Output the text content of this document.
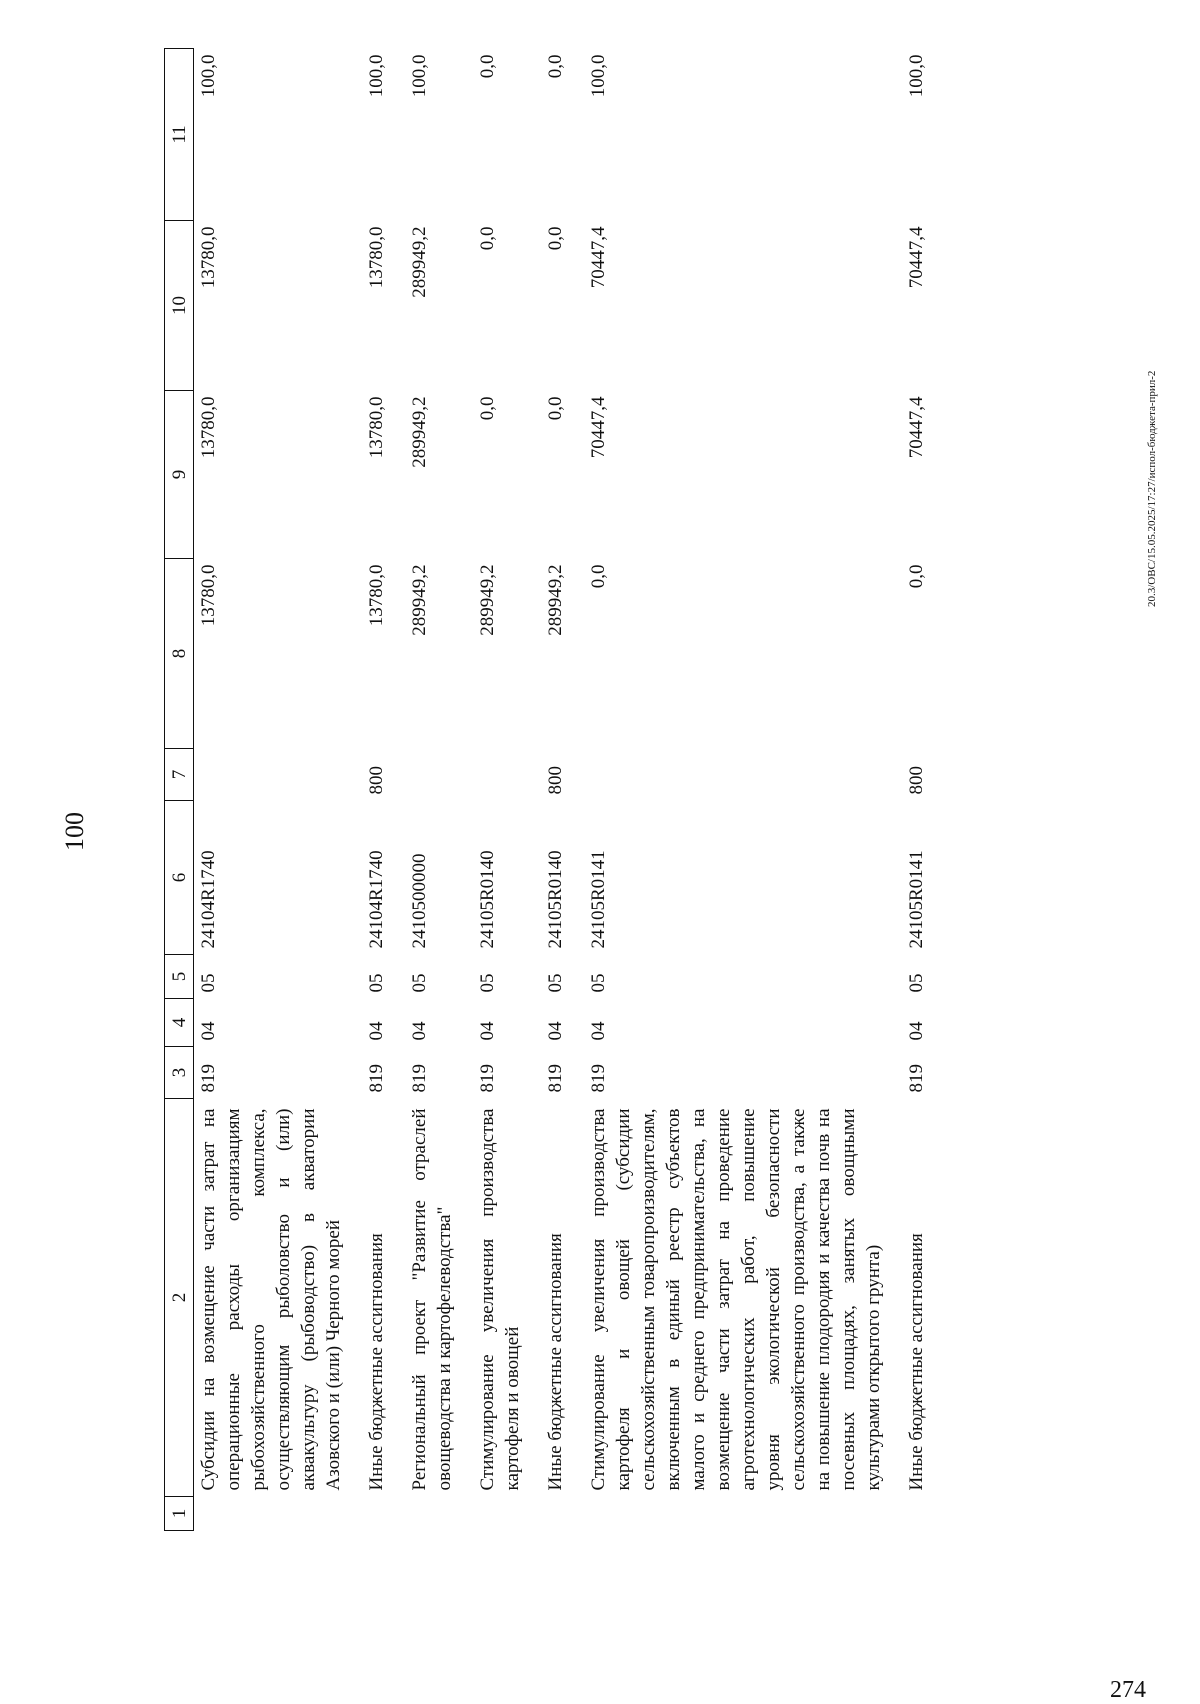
100
1	2	3	4	5	6	7	8	9	10	11
	Субсидии на возмещение части затрат на операционные расходы организациям рыбохозяйственного комплекса, осуществляющим рыболовство и (или) аквакультуру (рыбоводство) в акватории Азовского и (или) Черного морей	819	04	05	24104R1740		13780,0	13780,0	13780,0	100,0
	Иные бюджетные ассигнования	819	04	05	24104R1740	800	13780,0	13780,0	13780,0	100,0
	Региональный проект "Развитие отраслей овощеводства и картофелеводства"	819	04	05	2410500000		289949,2	289949,2	289949,2	100,0
	Стимулирование увеличения производства картофеля и овощей	819	04	05	24105R0140		289949,2	0,0	0,0	0,0
	Иные бюджетные ассигнования	819	04	05	24105R0140	800	289949,2	0,0	0,0	0,0
	Стимулирование увеличения производства картофеля и овощей (субсидии сельскохозяйственным товаропроизводителям, включенным в единый реестр субъектов малого и среднего предпринимательства, на возмещение части затрат на проведение агротехнологических работ, повышение уровня экологической безопасности сельскохозяйственного производства, а также на повышение плодородия и качества почв на посевных площадях, занятых овощными культурами открытого грунта)	819	04	05	24105R0141		0,0	70447,4	70447,4	100,0
	Иные бюджетные ассигнования	819	04	05	24105R0141	800	0,0	70447,4	70447,4	100,0
20.3/ОВС/15.05.2025/17:27/испол-бюджета-прил-2
274
